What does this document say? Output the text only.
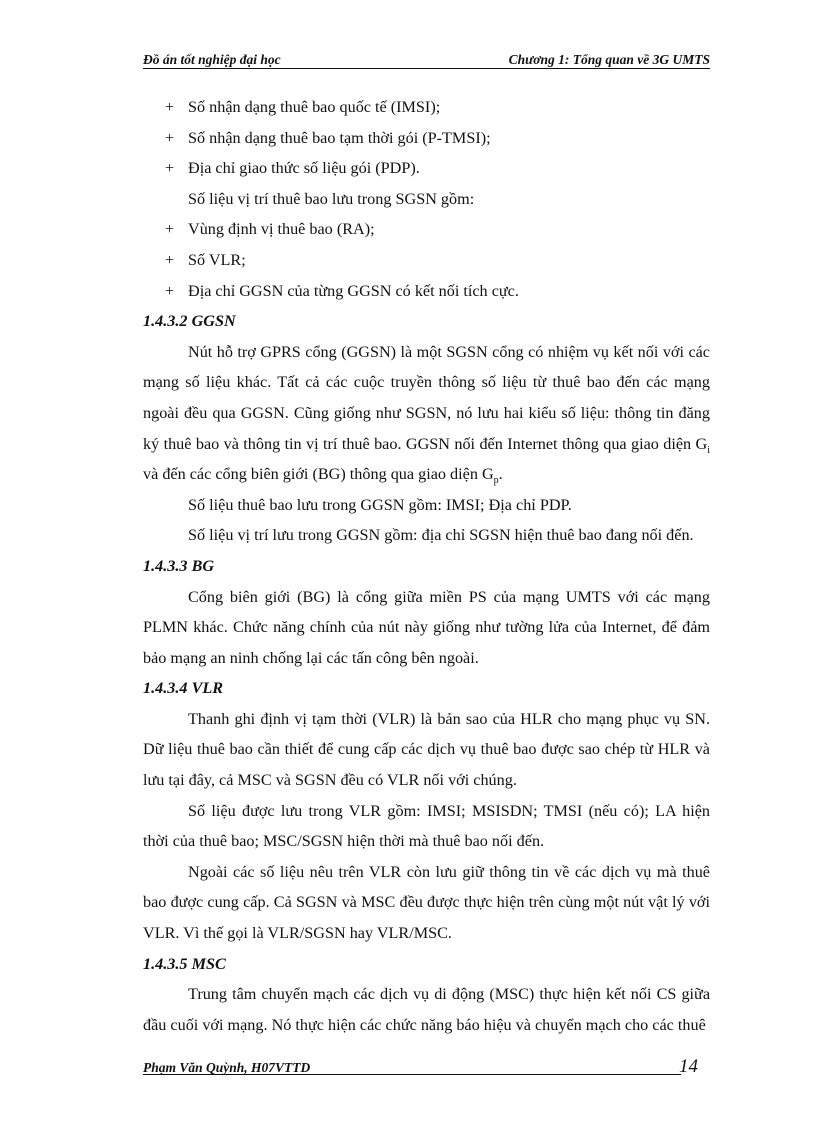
Đồ án tốt nghiệp đại học	Chương 1: Tổng quan về 3G UMTS

+ Số nhận dạng thuê bao quốc tế (IMSI);

+ Số nhận dạng thuê bao tạm thời gói (P-TMSI);

+ Địa chỉ giao thức số liệu gói (PDP).

Số liệu vị trí thuê bao lưu trong SGSN gồm:

+ Vùng định vị thuê bao (RA);

+ Số VLR;

+ Địa chỉ GGSN của từng GGSN có kết nối tích cực.

1.4.3.2 GGSN

Nút hỗ trợ GPRS cổng (GGSN) là một SGSN cổng có nhiệm vụ kết nối với các mạng số liệu khác. Tất cả các cuộc truyền thông số liệu từ thuê bao đến các mạng ngoài đều qua GGSN. Cũng giống như SGSN, nó lưu hai kiểu số liệu: thông tin đăng ký thuê bao và thông tin vị trí thuê bao. GGSN nối đến Internet thông qua giao diện $G_i$ và đến các cổng biên giới (BG) thông qua giao diện $G_p$.

Số liệu thuê bao lưu trong GGSN gồm: IMSI; Địa chỉ PDP.

Số liệu vị trí lưu trong GGSN gồm: địa chỉ SGSN hiện thuê bao đang nối đến.

1.4.3.3 BG

Cổng biên giới (BG) là cổng giữa miền PS của mạng UMTS với các mạng PLMN khác. Chức năng chính của nút này giống như tường lửa của Internet, để đảm bảo mạng an ninh chống lại các tấn công bên ngoài.

1.4.3.4 VLR

Thanh ghi định vị tạm thời (VLR) là bản sao của HLR cho mạng phục vụ SN. Dữ liệu thuê bao cần thiết để cung cấp các dịch vụ thuê bao được sao chép từ HLR và lưu tại đây, cả MSC và SGSN đều có VLR nối với chúng.

Số liệu được lưu trong VLR gồm: IMSI; MSISDN; TMSI (nếu có); LA hiện thời của thuê bao; MSC/SGSN hiện thời mà thuê bao nối đến.

Ngoài các số liệu nêu trên VLR còn lưu giữ thông tin về các dịch vụ mà thuê bao được cung cấp. Cả SGSN và MSC đều được thực hiện trên cùng một nút vật lý với VLR. Vì thế gọi là VLR/SGSN hay VLR/MSC.

1.4.3.5 MSC

Trung tâm chuyển mạch các dịch vụ di động (MSC) thực hiện kết nối CS giữa đầu cuối với mạng. Nó thực hiện các chức năng báo hiệu và chuyển mạch cho các thuê

Phạm Văn Quỳnh, H07VTTD	14
